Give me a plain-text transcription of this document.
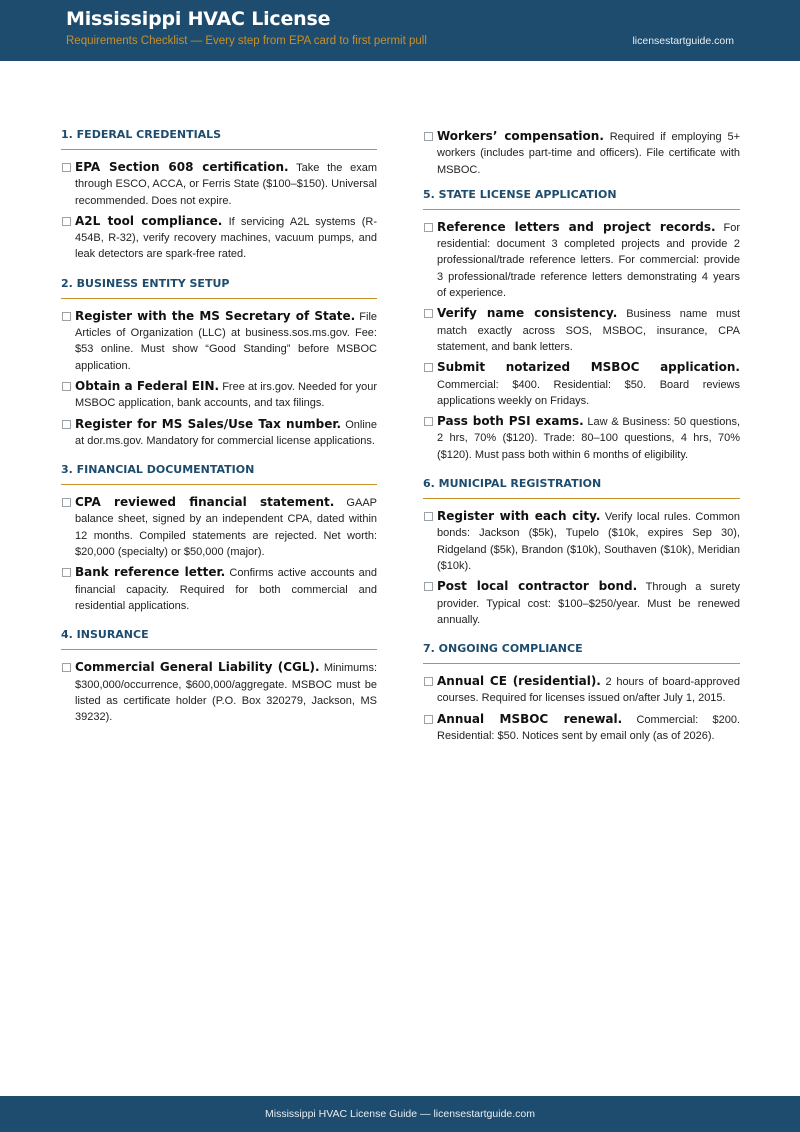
Mississippi HVAC License
Requirements Checklist — Every step from EPA card to first permit pull	licensestartguide.com
1. FEDERAL CREDENTIALS
EPA Section 608 certification. Take the exam through ESCO, ACCA, or Ferris State ($100–$150). Universal recommended. Does not expire.
A2L tool compliance. If servicing A2L systems (R-454B, R-32), verify recovery machines, vacuum pumps, and leak detectors are spark-free rated.
2. BUSINESS ENTITY SETUP
Register with the MS Secretary of State. File Articles of Organization (LLC) at business.sos.ms.gov. Fee: $53 online. Must show “Good Standing” before MSBOC application.
Obtain a Federal EIN. Free at irs.gov. Needed for your MSBOC application, bank accounts, and tax filings.
Register for MS Sales/Use Tax number. Online at dor.ms.gov. Mandatory for commercial license applications.
3. FINANCIAL DOCUMENTATION
CPA reviewed financial statement. GAAP balance sheet, signed by an independent CPA, dated within 12 months. Compiled statements are rejected. Net worth: $20,000 (specialty) or $50,000 (major).
Bank reference letter. Confirms active accounts and financial capacity. Required for both commercial and residential applications.
4. INSURANCE
Commercial General Liability (CGL). Minimums: $300,000/occurrence, $600,000/aggregate. MSBOC must be listed as certificate holder (P.O. Box 320279, Jackson, MS 39232).
Workers’ compensation. Required if employing 5+ workers (includes part-time and officers). File certificate with MSBOC.
5. STATE LICENSE APPLICATION
Reference letters and project records. For residential: document 3 completed projects and provide 2 professional/trade reference letters. For commercial: provide 3 professional/trade reference letters demonstrating 4 years of experience.
Verify name consistency. Business name must match exactly across SOS, MSBOC, insurance, CPA statement, and bank letters.
Submit notarized MSBOC application. Commercial: $400. Residential: $50. Board reviews applications weekly on Fridays.
Pass both PSI exams. Law & Business: 50 questions, 2 hrs, 70% ($120). Trade: 80–100 questions, 4 hrs, 70% ($120). Must pass both within 6 months of eligibility.
6. MUNICIPAL REGISTRATION
Register with each city. Verify local rules. Common bonds: Jackson ($5k), Tupelo ($10k, expires Sep 30), Ridgeland ($5k), Brandon ($10k), Southaven ($10k), Meridian ($10k).
Post local contractor bond. Through a surety provider. Typical cost: $100–$250/year. Must be renewed annually.
7. ONGOING COMPLIANCE
Annual CE (residential). 2 hours of board-approved courses. Required for licenses issued on/after July 1, 2015.
Annual MSBOC renewal. Commercial: $200. Residential: $50. Notices sent by email only (as of 2026).
Mississippi HVAC License Guide — licensestartguide.com
